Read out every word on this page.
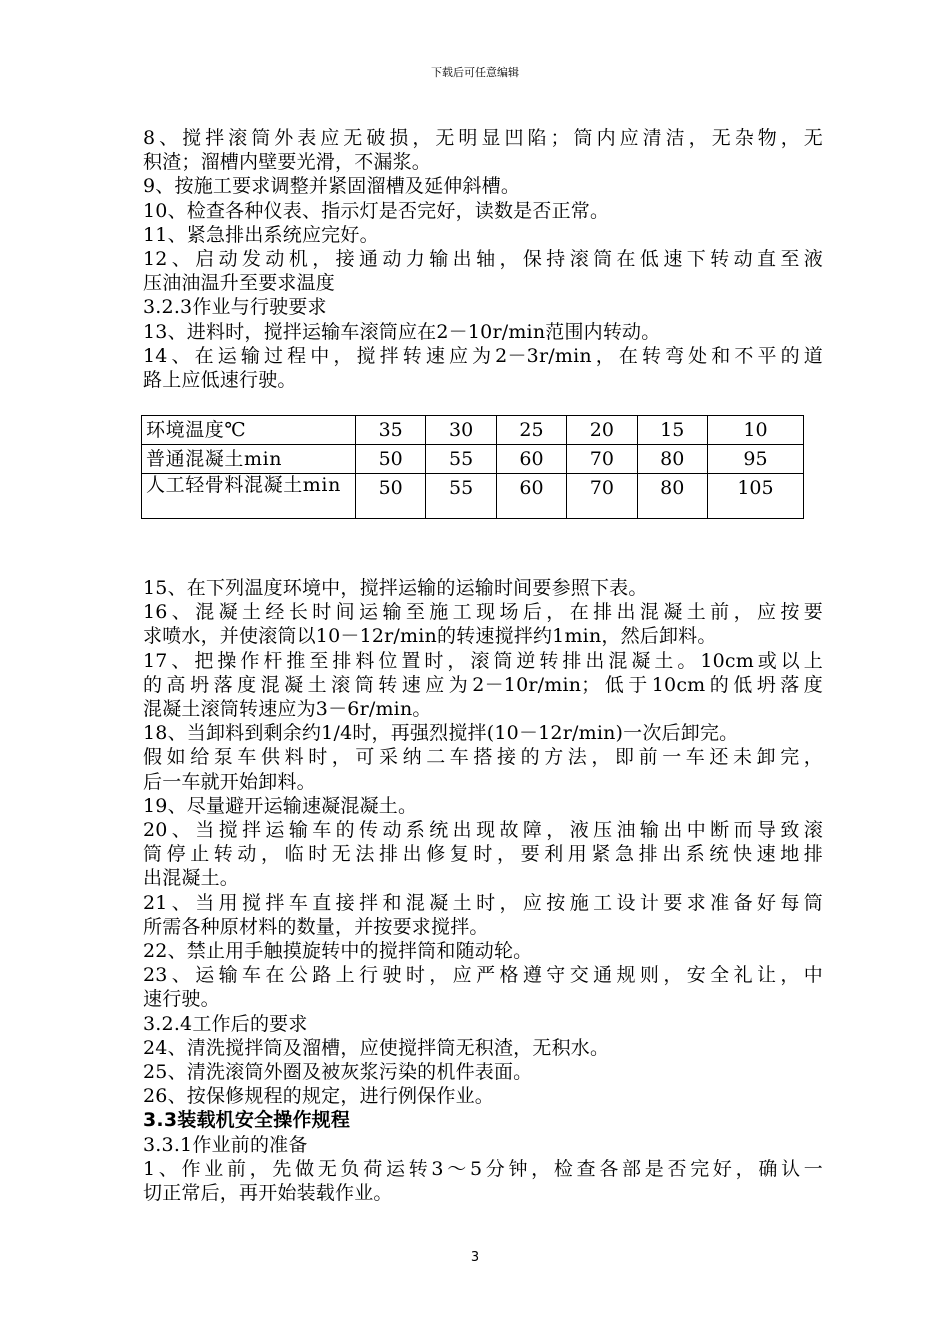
下载后可任意编辑

8、搅拌滚筒外表应无破损，无明显凹陷；筒内应清洁，无杂物，无

积渣；溜槽内壁要光滑，不漏浆。

9、按施工要求调整并紧固溜槽及延伸斜槽。

10、检查各种仪表、指示灯是否完好，读数是否正常。

11、紧急排出系统应完好。

12、启动发动机，接通动力输出轴，保持滚筒在低速下转动直至液

压油油温升至要求温度

3.2.3作业与行驶要求

13、进料时，搅拌运输车滚筒应在2－10r/min范围内转动。

14、在运输过程中，搅拌转速应为2－3r/min，在转弯处和不平的道

路上应低速行驶。

环境温度℃	35	30	25	20	15	10
普通混凝土min	50	55	60	70	80	95
人工轻骨料混凝土min	50	55	60	70	80	105

15、在下列温度环境中，搅拌运输的运输时间要参照下表。

16、混凝土经长时间运输至施工现场后，在排出混凝土前，应按要

求喷水，并使滚筒以10－12r/min的转速搅拌约1min，然后卸料。

17、把操作杆推至排料位置时，滚筒逆转排出混凝土。10cm或以上

的高坍落度混凝土滚筒转速应为2－10r/min；低于10cm的低坍落度

混凝土滚筒转速应为3－6r/min。

18、当卸料到剩余约1/4时，再强烈搅拌(10－12r/min)一次后卸完。

假如给泵车供料时，可采纳二车搭接的方法，即前一车还未卸完，

后一车就开始卸料。

19、尽量避开运输速凝混凝土。

20、当搅拌运输车的传动系统出现故障，液压油输出中断而导致滚

筒停止转动，临时无法排出修复时，要利用紧急排出系统快速地排

出混凝土。

21、当用搅拌车直接拌和混凝土时，应按施工设计要求准备好每筒

所需各种原材料的数量，并按要求搅拌。

22、禁止用手触摸旋转中的搅拌筒和随动轮。

23、运输车在公路上行驶时，应严格遵守交通规则，安全礼让，中

速行驶。

3.2.4工作后的要求

24、清洗搅拌筒及溜槽，应使搅拌筒无积渣，无积水。

25、清洗滚筒外圈及被灰浆污染的机件表面。

26、按保修规程的规定，进行例保作业。

3.3装载机安全操作规程

3.3.1作业前的准备

1、作业前，先做无负荷运转3～5分钟，检查各部是否完好，确认一

切正常后，再开始装载作业。

3
